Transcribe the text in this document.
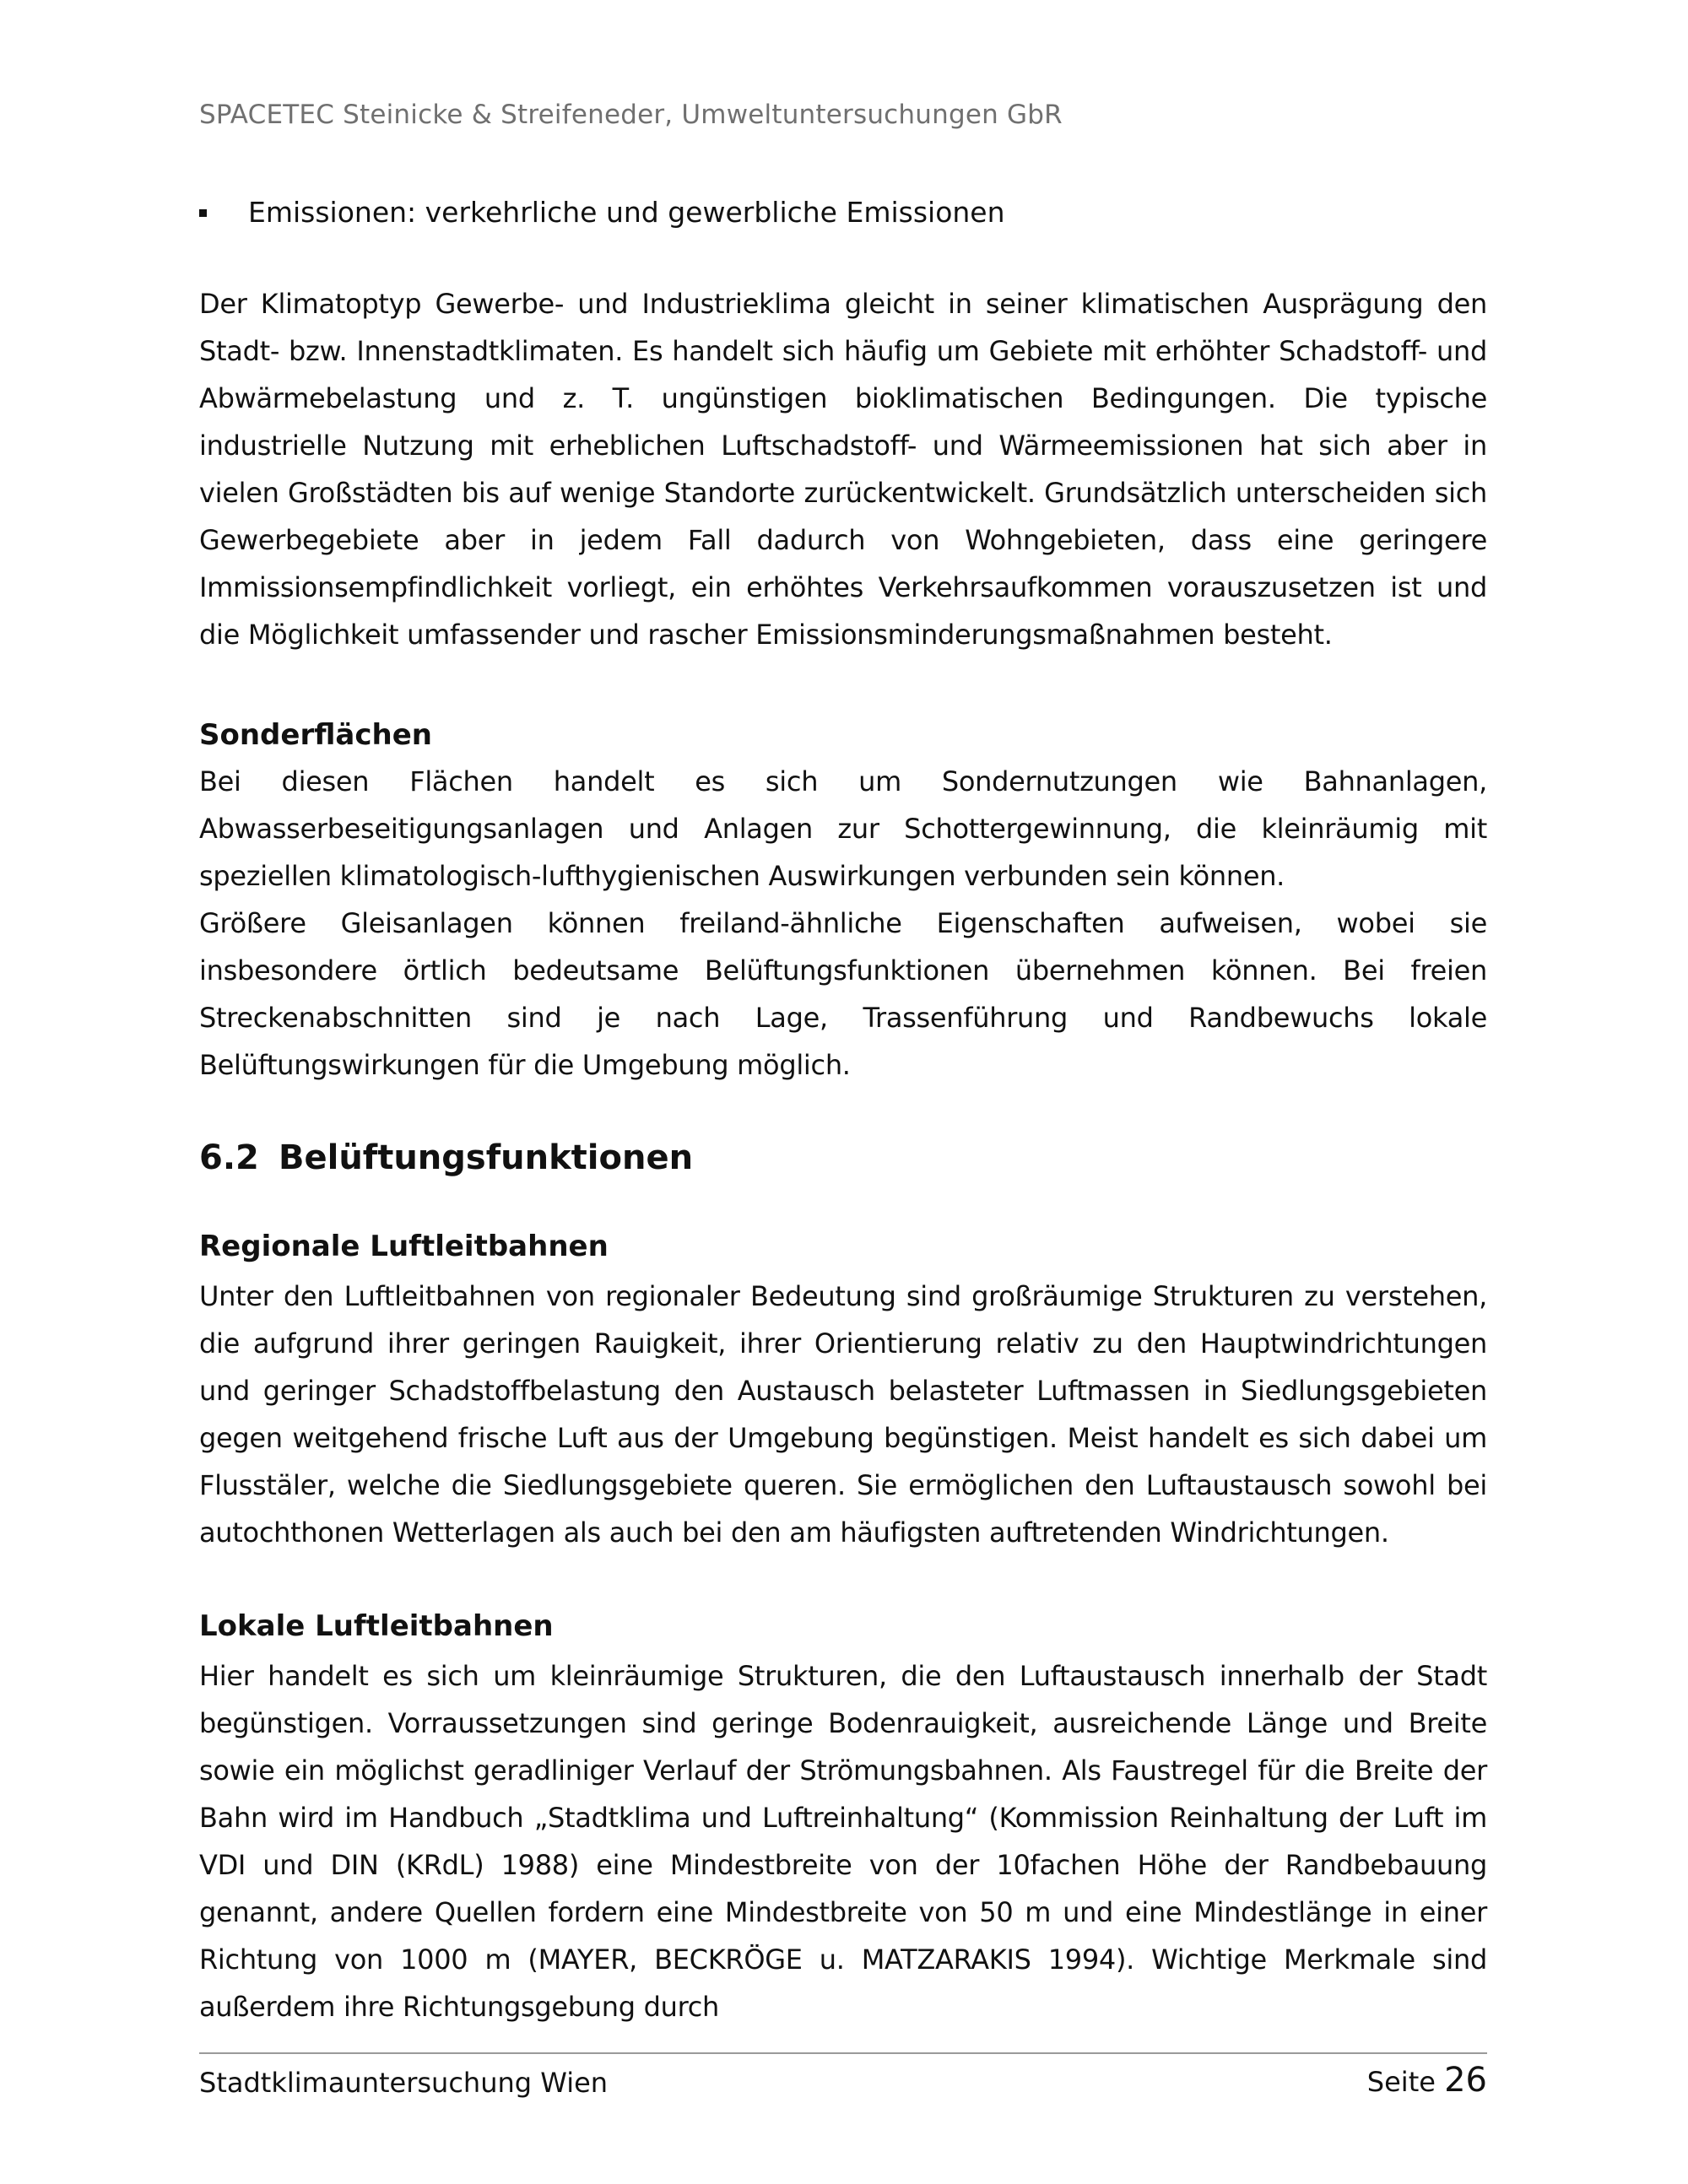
SPACETEC Steinicke & Streifeneder, Umweltuntersuchungen GbR
Emissionen: verkehrliche und gewerbliche Emissionen

Der Klimatoptyp Gewerbe- und Industrieklima gleicht in seiner klimatischen Ausprägung den Stadt- bzw. Innenstadtklimaten. Es handelt sich häufig um Gebiete mit erhöhter Schadstoff- und Abwärmebelastung und z. T. ungünstigen bioklimatischen Bedingungen. Die typische industrielle Nutzung mit erheblichen Luftschadstoff- und Wärmeemissionen hat sich aber in vielen Großstädten bis auf wenige Standorte zurückentwickelt. Grundsätzlich unterscheiden sich Gewerbegebiete aber in jedem Fall dadurch von Wohngebieten, dass eine geringere Immissionsempfindlichkeit vorliegt, ein erhöhtes Verkehrsaufkommen vorauszusetzen ist und die Möglichkeit umfassender und rascher Emissionsminderungsmaßnahmen besteht.

Sonderflächen

Bei diesen Flächen handelt es sich um Sondernutzungen wie Bahnanlagen, Abwasserbeseitigungsanlagen und Anlagen zur Schottergewinnung, die kleinräumig mit speziellen klimatologisch-lufthygienischen Auswirkungen verbunden sein können.

Größere Gleisanlagen können freiland-ähnliche Eigenschaften aufweisen, wobei sie insbesondere örtlich bedeutsame Belüftungsfunktionen übernehmen können. Bei freien Streckenabschnitten sind je nach Lage, Trassenführung und Randbewuchs lokale Belüftungswirkungen für die Umgebung möglich.

6.2 Belüftungsfunktionen
Regionale Luftleitbahnen

Unter den Luftleitbahnen von regionaler Bedeutung sind großräumige Strukturen zu verstehen, die aufgrund ihrer geringen Rauigkeit, ihrer Orientierung relativ zu den Hauptwindrichtungen und geringer Schadstoffbelastung den Austausch belasteter Luftmassen in Siedlungsgebieten gegen weitgehend frische Luft aus der Umgebung begünstigen. Meist handelt es sich dabei um Flusstäler, welche die Siedlungsgebiete queren. Sie ermöglichen den Luftaustausch sowohl bei autochthonen Wetterlagen als auch bei den am häufigsten auftretenden Windrichtungen.

Lokale Luftleitbahnen

Hier handelt es sich um kleinräumige Strukturen, die den Luftaustausch innerhalb der Stadt begünstigen. Vorraussetzungen sind geringe Bodenrauigkeit, ausreichende Länge und Breite sowie ein möglichst geradliniger Verlauf der Strömungsbahnen. Als Faustregel für die Breite der Bahn wird im Handbuch „Stadtklima und Luftreinhaltung“ (Kommission Reinhaltung der Luft im VDI und DIN (KRdL) 1988) eine Mindestbreite von der 10fachen Höhe der Randbebauung genannt, andere Quellen fordern eine Mindestbreite von 50 m und eine Mindestlänge in einer Richtung von 1000 m (MAYER, BECKRÖGE u. MATZARAKIS 1994). Wichtige Merkmale sind außerdem ihre Richtungsgebung durch

Stadtklimauntersuchung Wien	Seite 26
